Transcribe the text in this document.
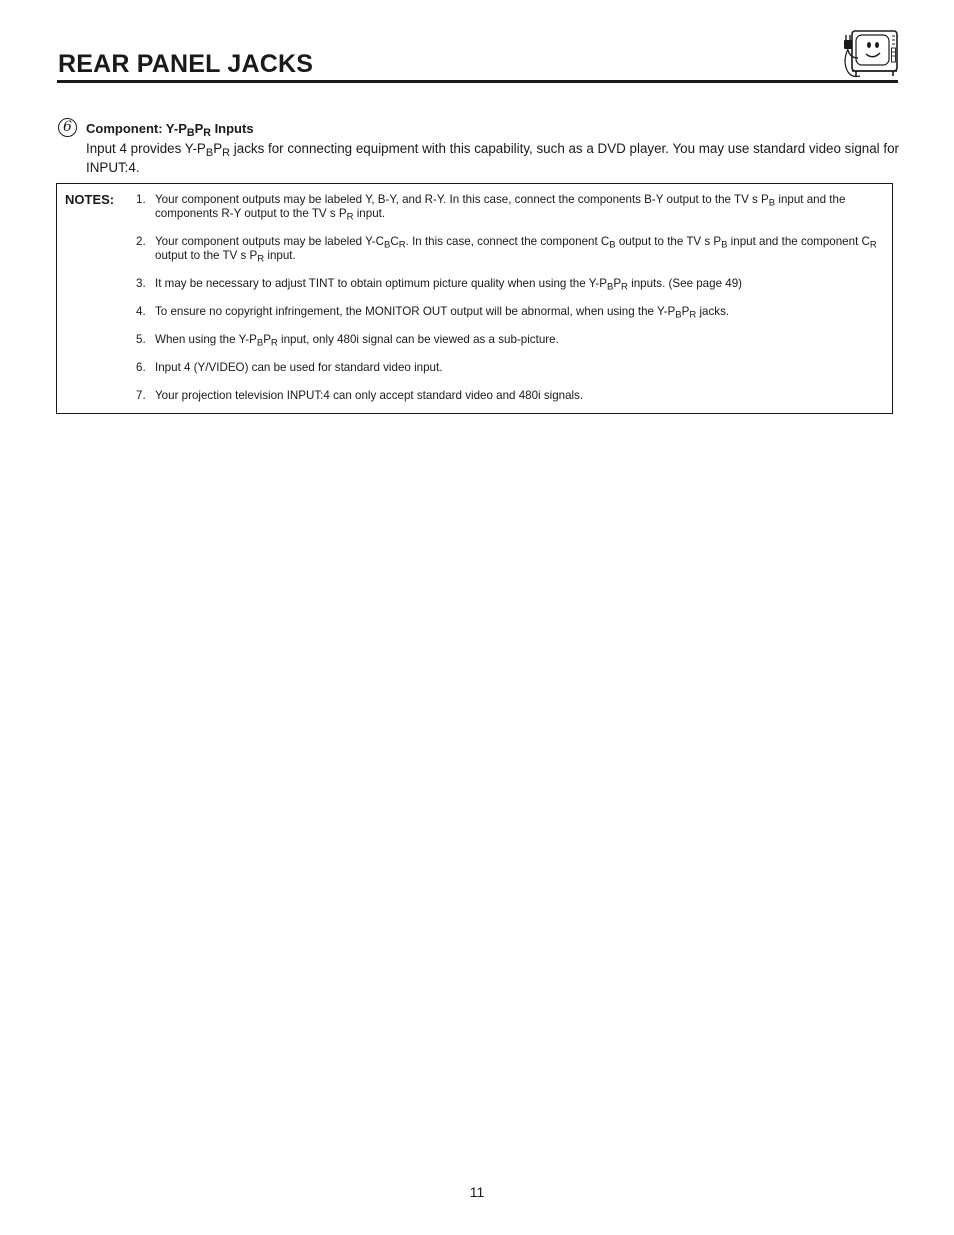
REAR PANEL JACKS
6	Component: $Y-P_BP_R$ Inputs
Input 4 provides $Y-P_BP_R$ jacks for connecting equipment with this capability, such as a DVD player. You may use standard video signal for INPUT:4.
NOTES: 1. Your component outputs may be labeled Y, B-Y, and R-Y. In this case, connect the components B-Y output to the TV s $P_B$ input and the components R-Y output to the TV s $P_R$ input.
2. Your component outputs may be labeled $Y-C_BC_R$. In this case, connect the component $C_B$ output to the TV s $P_B$ input and the component $C_R$ output to the TV s $P_R$ input.
3. It may be necessary to adjust TINT to obtain optimum picture quality when using the $Y-P_BP_R$ inputs. (See page 49)
4. To ensure no copyright infringement, the MONITOR OUT output will be abnormal, when using the $Y-P_BP_R$ jacks.
5. When using the $Y-P_BP_R$ input, only 480i signal can be viewed as a sub-picture.
6. Input 4 (Y/VIDEO) can be used for standard video input.
7. Your projection television INPUT:4 can only accept standard video and 480i signals.
11
